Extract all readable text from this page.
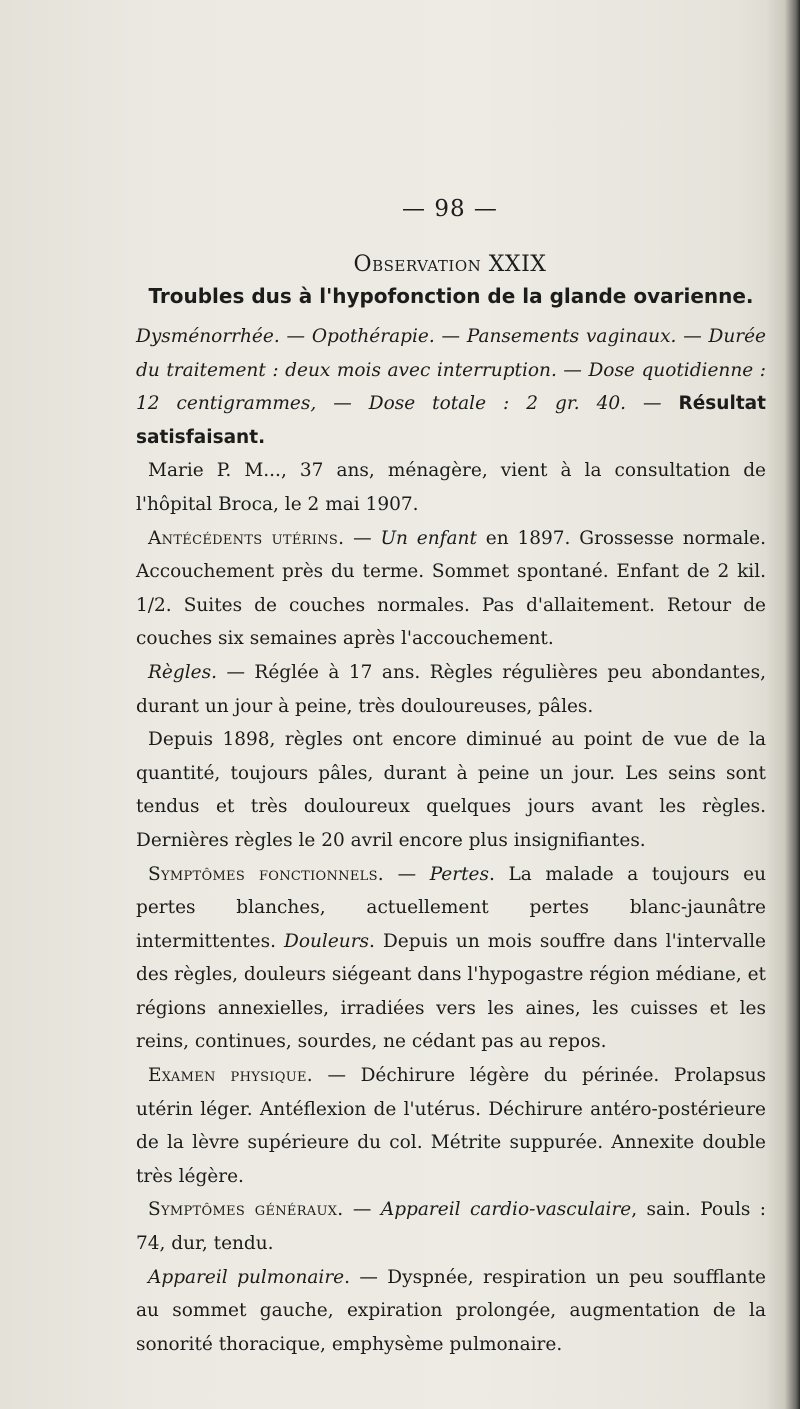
— 98 —
Observation XXIX
Troubles dus à l'hypofonction de la glande ovarienne.

Dysménorrhée. — Opothérapie. — Pansements vaginaux. — Durée du traitement : deux mois avec interruption. — Dose quotidienne : 12 centigrammes, — Dose totale : 2 gr. 40. — Résultat satisfaisant.

Marie P. M..., 37 ans, ménagère, vient à la consultation de l'hôpital Broca, le 2 mai 1907.

Antécédents utérins. — Un enfant en 1897. Grossesse normale. Accouchement près du terme. Sommet spontané. Enfant de 2 kil. 1/2. Suites de couches normales. Pas d'allaitement. Retour de couches six semaines après l'accouchement.

Règles. — Réglée à 17 ans. Règles régulières peu abondantes, durant un jour à peine, très douloureuses, pâles.

Depuis 1898, règles ont encore diminué au point de vue de la quantité, toujours pâles, durant à peine un jour. Les seins sont tendus et très douloureux quelques jours avant les règles. Dernières règles le 20 avril encore plus insignifiantes.

Symptômes fonctionnels. — Pertes. La malade a toujours eu pertes blanches, actuellement pertes blanc-jaunâtre intermittentes. Douleurs. Depuis un mois souffre dans l'intervalle des règles, douleurs siégeant dans l'hypogastre région médiane, et régions annexielles, irradiées vers les aines, les cuisses et les reins, continues, sourdes, ne cédant pas au repos.

Examen physique. — Déchirure légère du périnée. Prolapsus utérin léger. Antéflexion de l'utérus. Déchirure antéro-postérieure de la lèvre supérieure du col. Métrite suppurée. Annexite double très légère.

Symptômes généraux. — Appareil cardio-vasculaire, sain. Pouls : 74, dur, tendu.

Appareil pulmonaire. — Dyspnée, respiration un peu soufflante au sommet gauche, expiration prolongée, augmentation de la sonorité thoracique, emphysème pulmonaire.
